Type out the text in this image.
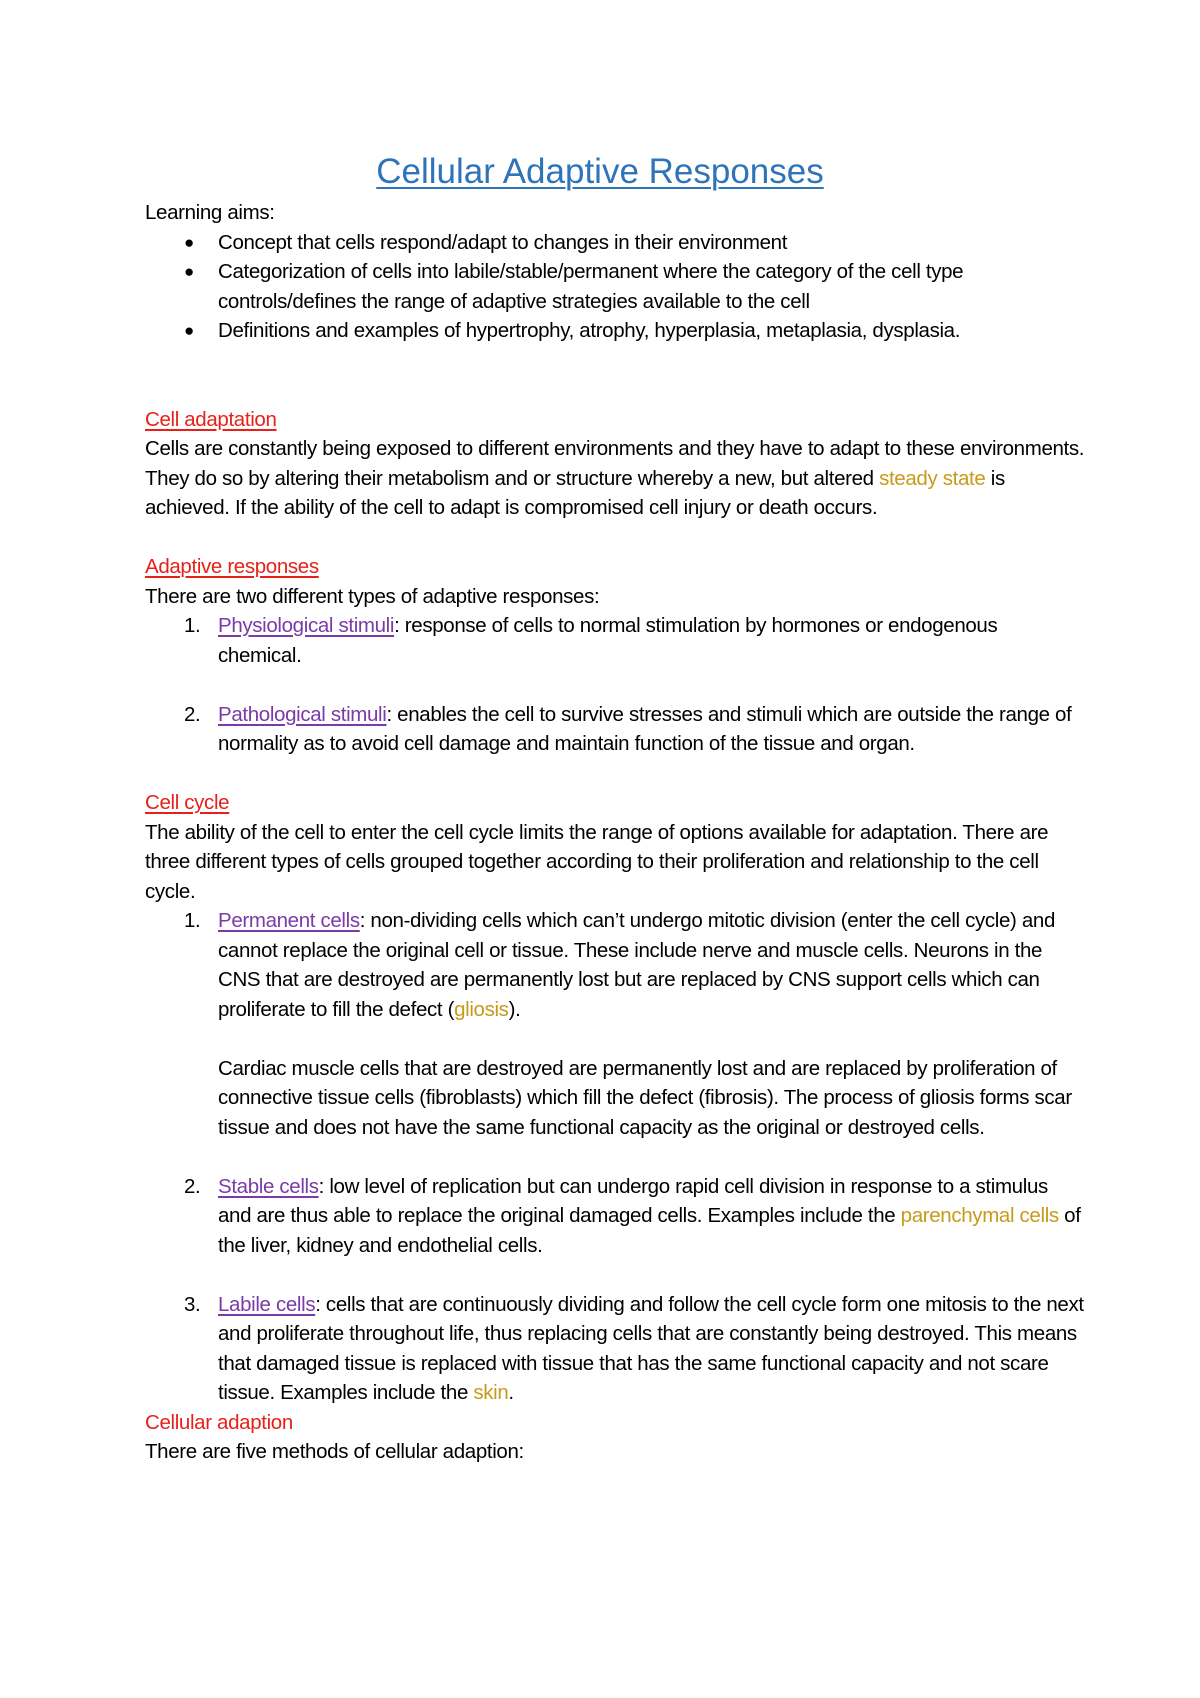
Cellular Adaptive Responses

Learning aims:

● Concept that cells respond/adapt to changes in their environment
● Categorization of cells into labile/stable/permanent where the category of the cell type controls/defines the range of adaptive strategies available to the cell
● Definitions and examples of hypertrophy, atrophy, hyperplasia, metaplasia, dysplasia.

Cell adaptation

Cells are constantly being exposed to different environments and they have to adapt to these environments. They do so by altering their metabolism and or structure whereby a new, but altered steady state is achieved. If the ability of the cell to adapt is compromised cell injury or death occurs.

Adaptive responses

There are two different types of adaptive responses:

1. Physiological stimuli: response of cells to normal stimulation by hormones or endogenous chemical.
2. Pathological stimuli: enables the cell to survive stresses and stimuli which are outside the range of normality as to avoid cell damage and maintain function of the tissue and organ.

Cell cycle

The ability of the cell to enter the cell cycle limits the range of options available for adaptation. There are three different types of cells grouped together according to their proliferation and relationship to the cell cycle.

1. Permanent cells: non-dividing cells which can’t undergo mitotic division (enter the cell cycle) and cannot replace the original cell or tissue. These include nerve and muscle cells. Neurons in the CNS that are destroyed are permanently lost but are replaced by CNS support cells which can proliferate to fill the defect (gliosis).

Cardiac muscle cells that are destroyed are permanently lost and are replaced by proliferation of connective tissue cells (fibroblasts) which fill the defect (fibrosis). The process of gliosis forms scar tissue and does not have the same functional capacity as the original or destroyed cells.

2. Stable cells: low level of replication but can undergo rapid cell division in response to a stimulus and are thus able to replace the original damaged cells. Examples include the parenchymal cells of the liver, kidney and endothelial cells.
3. Labile cells: cells that are continuously dividing and follow the cell cycle form one mitosis to the next and proliferate throughout life, thus replacing cells that are constantly being destroyed. This means that damaged tissue is replaced with tissue that has the same functional capacity and not scare tissue. Examples include the skin.

Cellular adaption

There are five methods of cellular adaption:
